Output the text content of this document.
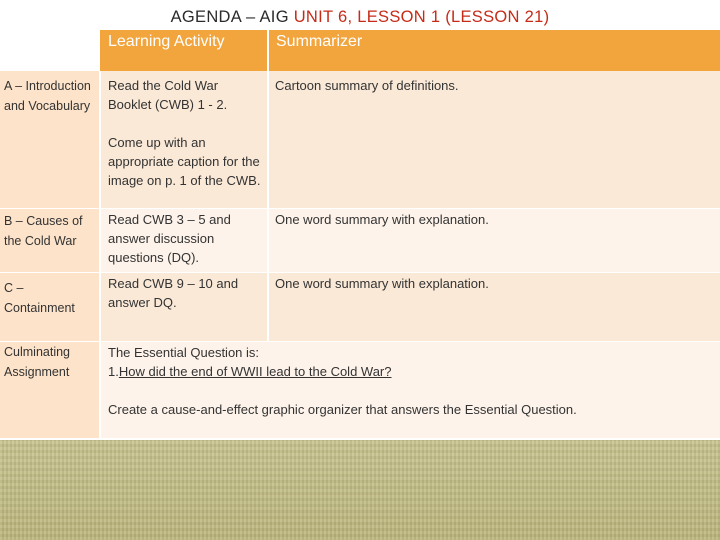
AGENDA – AIG UNIT 6, LESSON 1 (LESSON 21)
Learning Activity	Summarizer
A – Introduction and Vocabulary
Read the Cold War Booklet (CWB) 1 - 2.
Come up with an appropriate caption for the image on p. 1 of the CWB.
Cartoon summary of definitions.
B – Causes of the Cold War
Read CWB 3 – 5 and answer discussion questions (DQ).
One word summary with explanation.
C – Containment
Read CWB 9 – 10 and answer DQ.
One word summary with explanation.
Culminating Assignment
The Essential Question is:
1.How did the end of WWII lead to the Cold War?
Create a cause-and-effect graphic organizer that answers the Essential Question.
